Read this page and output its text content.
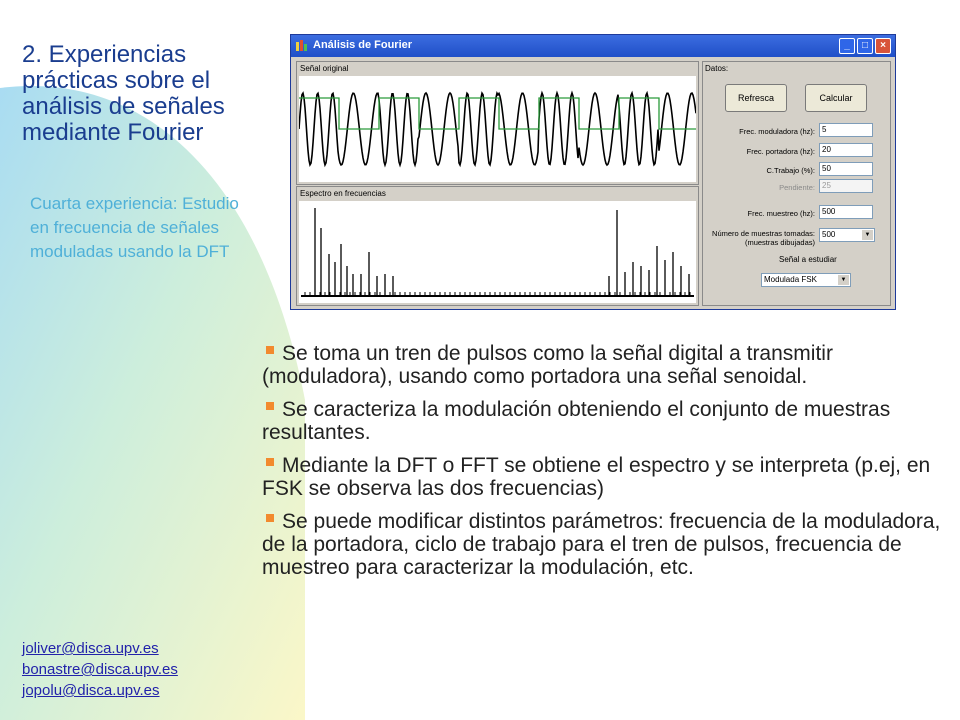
2. Experiencias prácticas sobre el análisis de señales mediante Fourier
Cuarta experiencia: Estudio en frecuencia de señales moduladas usando la DFT
joliver@disca.upv.es
bonastre@disca.upv.es
jopolu@disca.upv.es
Análisis de Fourier	_	□	×
Señal original
Espectro en frecuencias
Datos:
Refresca	Calcular
Frec. moduladora (hz): 5
Frec. portadora (hz): 20
C.Trabajo (%): 50
Pendiente: 25
Frec. muestreo (hz): 500
Número de muestras tomadas:
(muestras dibujadas)
500	▼
Señal a estudiar
Modulada FSK	▼
Se toma un tren de pulsos como la señal digital a transmitir (moduladora), usando como portadora una señal senoidal.
Se caracteriza la modulación obteniendo el conjunto de muestras resultantes.
Mediante la DFT o FFT se obtiene el espectro y se interpreta (p.ej, en FSK se observa las dos frecuencias)
Se puede modificar distintos parámetros: frecuencia de la moduladora, de la portadora, ciclo de trabajo para el tren de pulsos, frecuencia de muestreo para caracterizar la modulación, etc.
